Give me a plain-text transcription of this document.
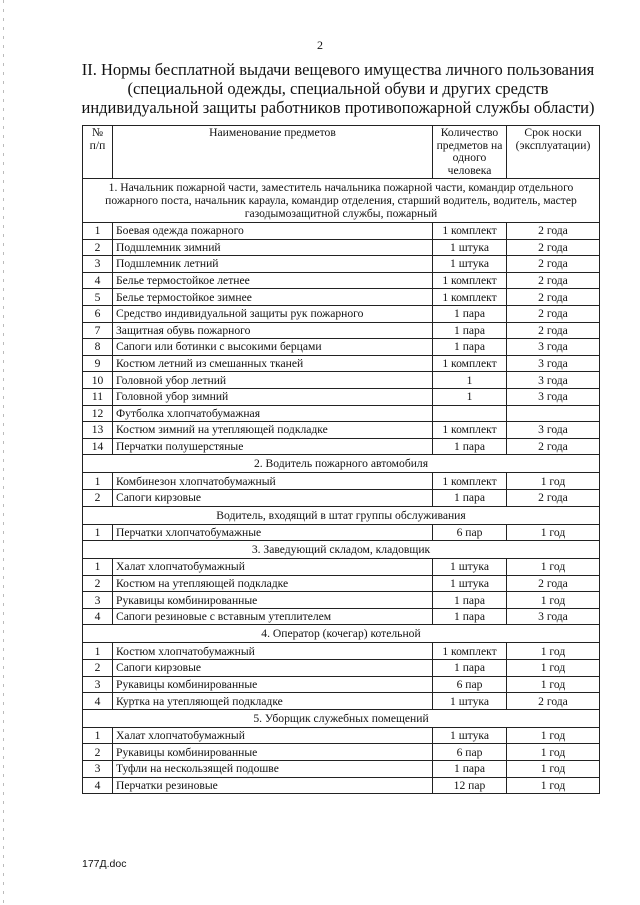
2
II. Нормы бесплатной выдачи вещевого имущества личного пользования
(специальной одежды, специальной обуви и других средств
индивидуальной защиты работников противопожарной службы области)
№ п/п	Наименование предметов	Количество предметов на одного человека	Срок носки (эксплуатации)
1. Начальник пожарной части, заместитель начальника пожарной части, командир отдельного пожарного поста, начальник караула, командир отделения, старший водитель, водитель, мастер газодымозащитной службы, пожарный			
1	Боевая одежда пожарного	1 комплект	2 года
2	Подшлемник зимний	1 штука	2 года
3	Подшлемник летний	1 штука	2 года
4	Белье термостойкое летнее	1 комплект	2 года
5	Белье термостойкое зимнее	1 комплект	2 года
6	Средство индивидуальной защиты рук пожарного	1 пара	2 года
7	Защитная обувь пожарного	1 пара	2 года
8	Сапоги или ботинки с высокими берцами	1 пара	3 года
9	Костюм летний из смешанных тканей	1 комплект	3 года
10	Головной убор летний	1	3 года
11	Головной убор зимний	1	3 года
12	Футболка хлопчатобумажная		
13	Костюм зимний на утепляющей подкладке	1 комплект	3 года
14	Перчатки полушерстяные	1 пара	2 года
2. Водитель пожарного автомобиля			
1	Комбинезон хлопчатобумажный	1 комплект	1 год
2	Сапоги кирзовые	1 пара	2 года
Водитель, входящий в штат группы обслуживания			
1	Перчатки хлопчатобумажные	6 пар	1 год
3. Заведующий складом, кладовщик			
1	Халат хлопчатобумажный	1 штука	1 год
2	Костюм на утепляющей подкладке	1 штука	2 года
3	Рукавицы комбинированные	1 пара	1 год
4	Сапоги резиновые с вставным утеплителем	1 пара	3 года
4. Оператор (кочегар) котельной			
1	Костюм хлопчатобумажный	1 комплект	1 год
2	Сапоги кирзовые	1 пара	1 год
3	Рукавицы комбинированные	6 пар	1 год
4	Куртка на утепляющей подкладке	1 штука	2 года
5. Уборщик служебных помещений			
1	Халат хлопчатобумажный	1 штука	1 год
2	Рукавицы комбинированные	6 пар	1 год
3	Туфли на нескользящей подошве	1 пара	1 год
4	Перчатки резиновые	12 пар	1 год
177Д.doc
